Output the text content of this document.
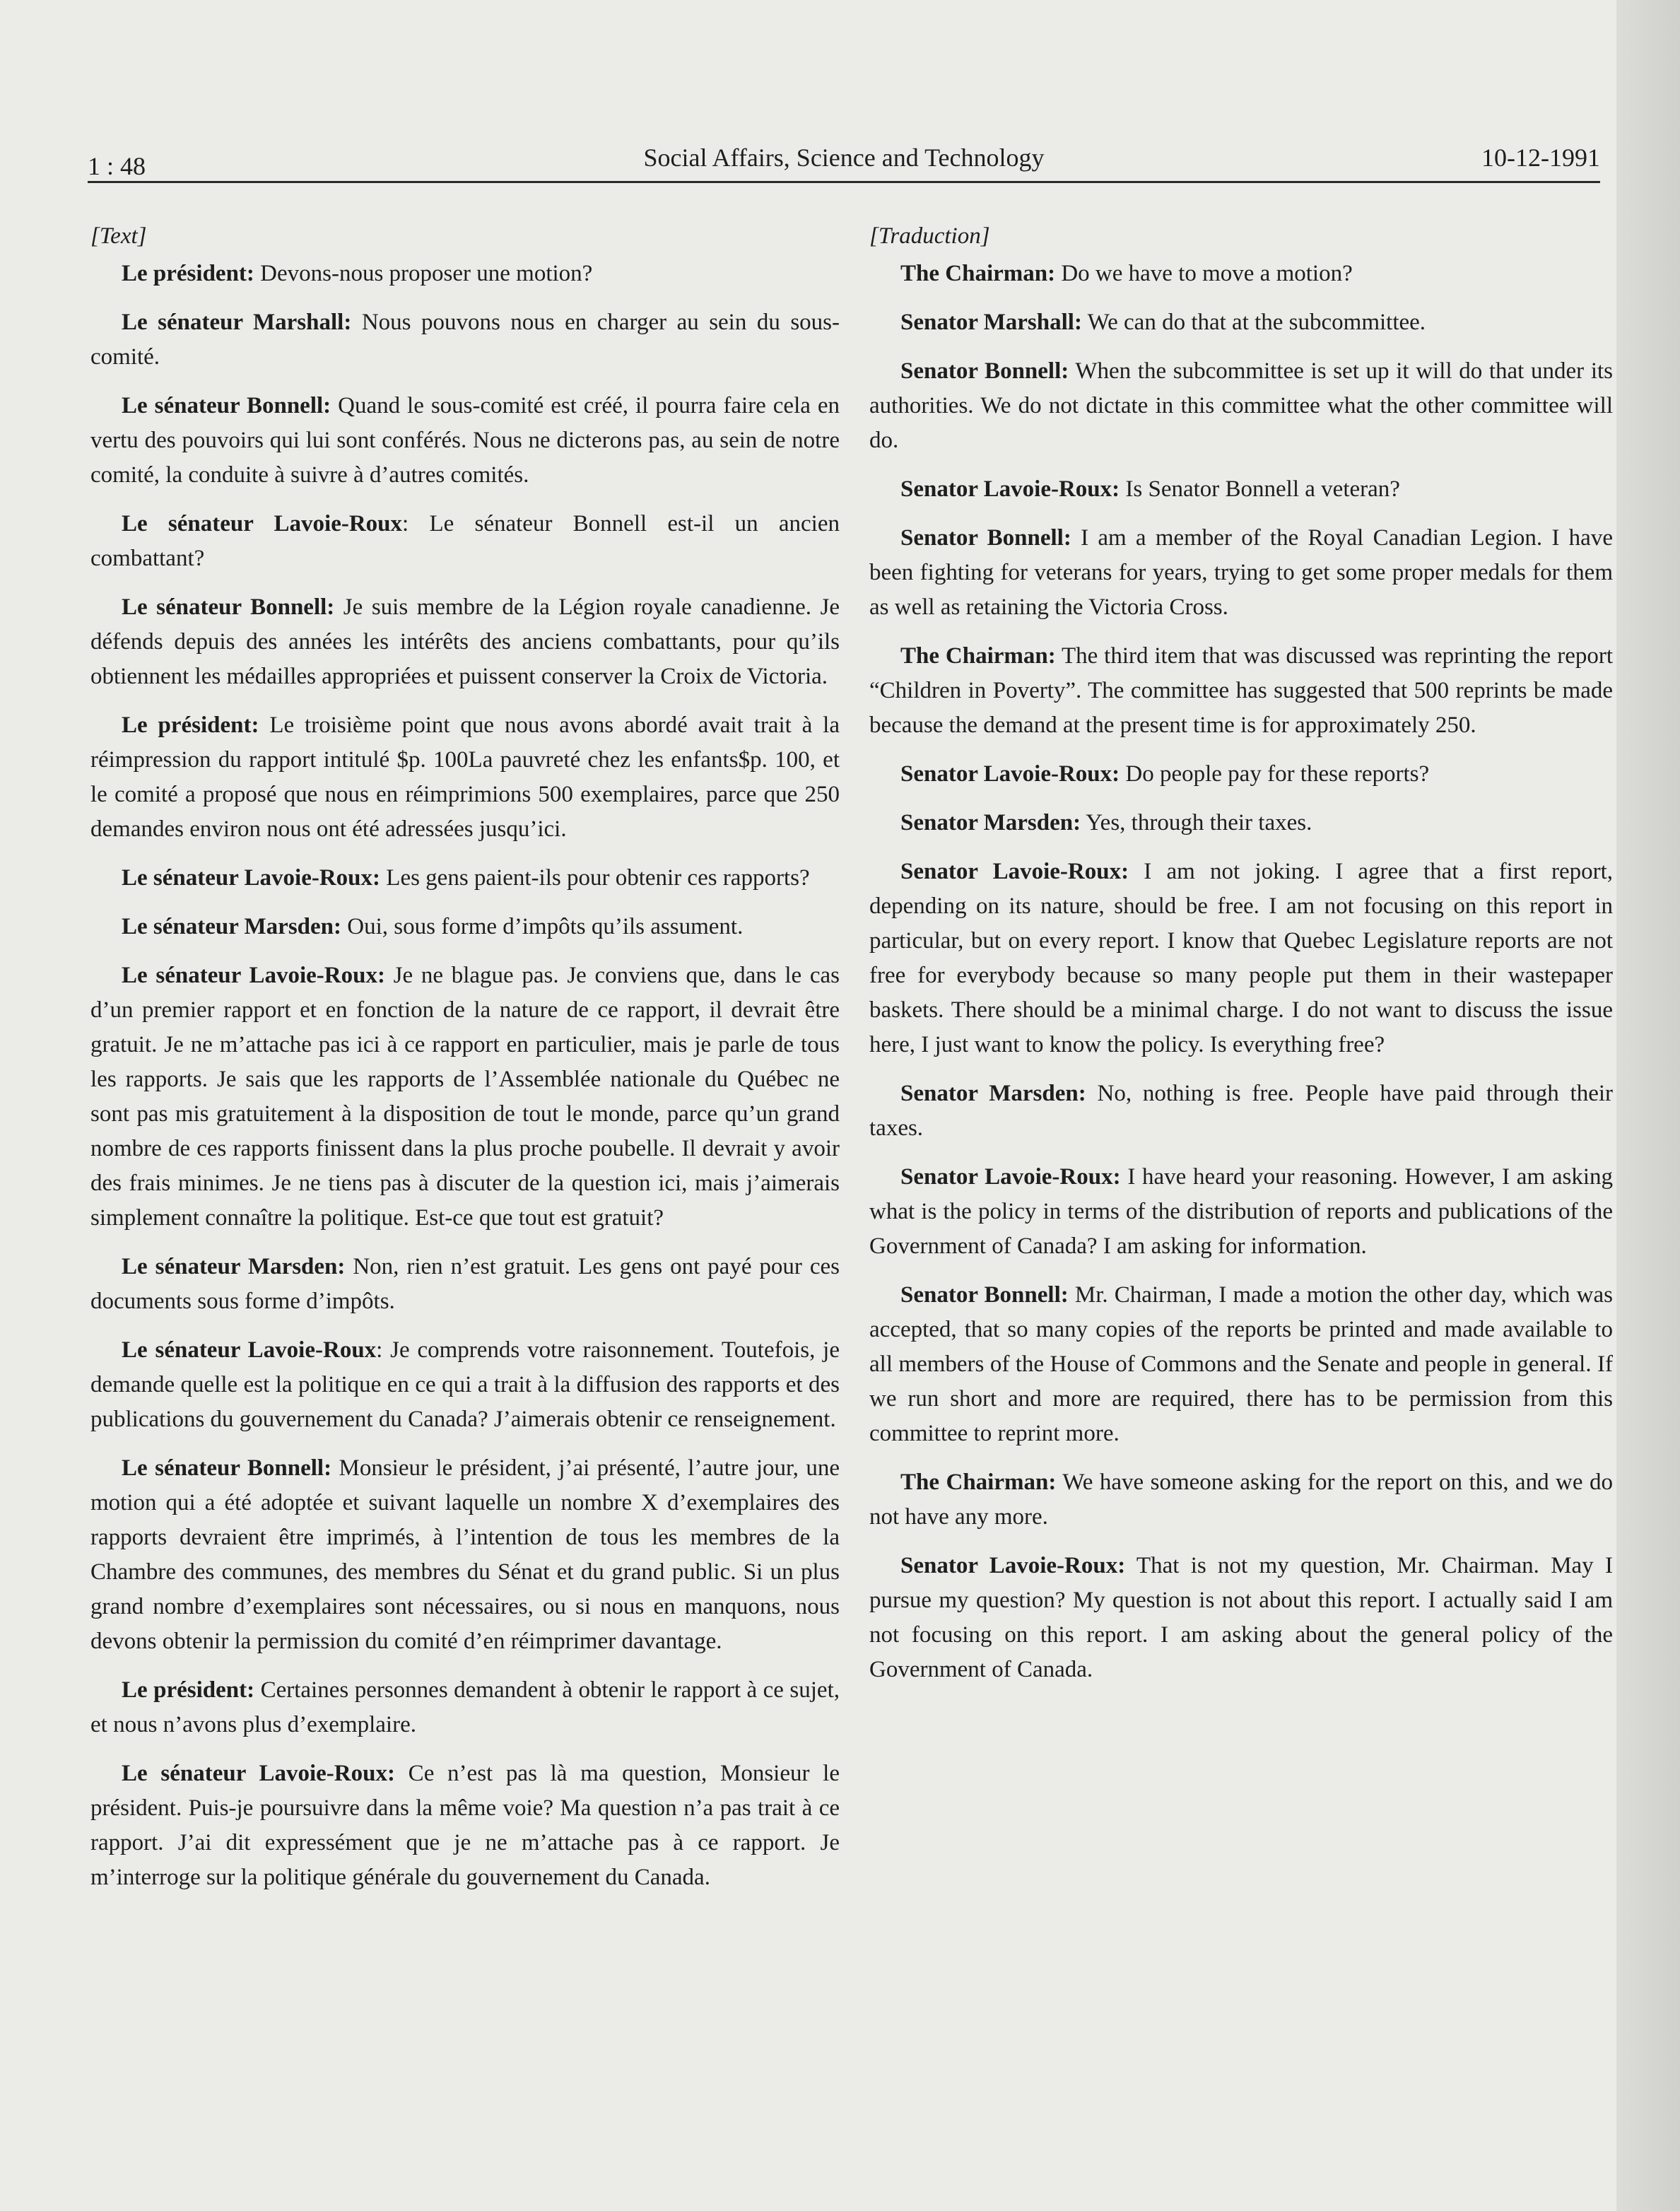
1 : 48	Social Affairs, Science and Technology	10-12-1991
[Text]

Le président: Devons-nous proposer une motion?

Le sénateur Marshall: Nous pouvons nous en charger au sein du sous-comité.

Le sénateur Bonnell: Quand le sous-comité est créé, il pourra faire cela en vertu des pouvoirs qui lui sont conférés. Nous ne dicterons pas, au sein de notre comité, la conduite à suivre à d’autres comités.

Le sénateur Lavoie-Roux: Le sénateur Bonnell est-il un ancien combattant?

Le sénateur Bonnell: Je suis membre de la Légion royale canadienne. Je défends depuis des années les intérêts des anciens combattants, pour qu’ils obtiennent les médailles appropriées et puissent conserver la Croix de Victoria.

Le président: Le troisième point que nous avons abordé avait trait à la réimpression du rapport intitulé $p. 100La pauvreté chez les enfants$p. 100, et le comité a proposé que nous en réimprimions 500 exemplaires, parce que 250 demandes environ nous ont été adressées jusqu’ici.

Le sénateur Lavoie-Roux: Les gens paient-ils pour obtenir ces rapports?

Le sénateur Marsden: Oui, sous forme d’impôts qu’ils assument.

Le sénateur Lavoie-Roux: Je ne blague pas. Je conviens que, dans le cas d’un premier rapport et en fonction de la nature de ce rapport, il devrait être gratuit. Je ne m’attache pas ici à ce rapport en particulier, mais je parle de tous les rapports. Je sais que les rapports de l’Assemblée nationale du Québec ne sont pas mis gratuitement à la disposition de tout le monde, parce qu’un grand nombre de ces rapports finissent dans la plus proche poubelle. Il devrait y avoir des frais minimes. Je ne tiens pas à discuter de la question ici, mais j’aimerais simplement connaître la politique. Est-ce que tout est gratuit?

Le sénateur Marsden: Non, rien n’est gratuit. Les gens ont payé pour ces documents sous forme d’impôts.

Le sénateur Lavoie-Roux: Je comprends votre raisonnement. Toutefois, je demande quelle est la politique en ce qui a trait à la diffusion des rapports et des publications du gouvernement du Canada? J’aimerais obtenir ce renseignement.

Le sénateur Bonnell: Monsieur le président, j’ai présenté, l’autre jour, une motion qui a été adoptée et suivant laquelle un nombre X d’exemplaires des rapports devraient être imprimés, à l’intention de tous les membres de la Chambre des communes, des membres du Sénat et du grand public. Si un plus grand nombre d’exemplaires sont nécessaires, ou si nous en manquons, nous devons obtenir la permission du comité d’en réimprimer davantage.

Le président: Certaines personnes demandent à obtenir le rapport à ce sujet, et nous n’avons plus d’exemplaire.

Le sénateur Lavoie-Roux: Ce n’est pas là ma question, Monsieur le président. Puis-je poursuivre dans la même voie? Ma question n’a pas trait à ce rapport. J’ai dit expressément que je ne m’attache pas à ce rapport. Je m’interroge sur la politique générale du gouvernement du Canada.

[Traduction]

The Chairman: Do we have to move a motion?

Senator Marshall: We can do that at the subcommittee.

Senator Bonnell: When the subcommittee is set up it will do that under its authorities. We do not dictate in this committee what the other committee will do.

Senator Lavoie-Roux: Is Senator Bonnell a veteran?

Senator Bonnell: I am a member of the Royal Canadian Legion. I have been fighting for veterans for years, trying to get some proper medals for them as well as retaining the Victoria Cross.

The Chairman: The third item that was discussed was reprinting the report “Children in Poverty”. The committee has suggested that 500 reprints be made because the demand at the present time is for approximately 250.

Senator Lavoie-Roux: Do people pay for these reports?

Senator Marsden: Yes, through their taxes.

Senator Lavoie-Roux: I am not joking. I agree that a first report, depending on its nature, should be free. I am not focusing on this report in particular, but on every report. I know that Quebec Legislature reports are not free for everybody because so many people put them in their wastepaper baskets. There should be a minimal charge. I do not want to discuss the issue here, I just want to know the policy. Is everything free?

Senator Marsden: No, nothing is free. People have paid through their taxes.

Senator Lavoie-Roux: I have heard your reasoning. However, I am asking what is the policy in terms of the distribution of reports and publications of the Government of Canada? I am asking for information.

Senator Bonnell: Mr. Chairman, I made a motion the other day, which was accepted, that so many copies of the reports be printed and made available to all members of the House of Commons and the Senate and people in general. If we run short and more are required, there has to be permission from this committee to reprint more.

The Chairman: We have someone asking for the report on this, and we do not have any more.

Senator Lavoie-Roux: That is not my question, Mr. Chairman. May I pursue my question? My question is not about this report. I actually said I am not focusing on this report. I am asking about the general policy of the Government of Canada.
